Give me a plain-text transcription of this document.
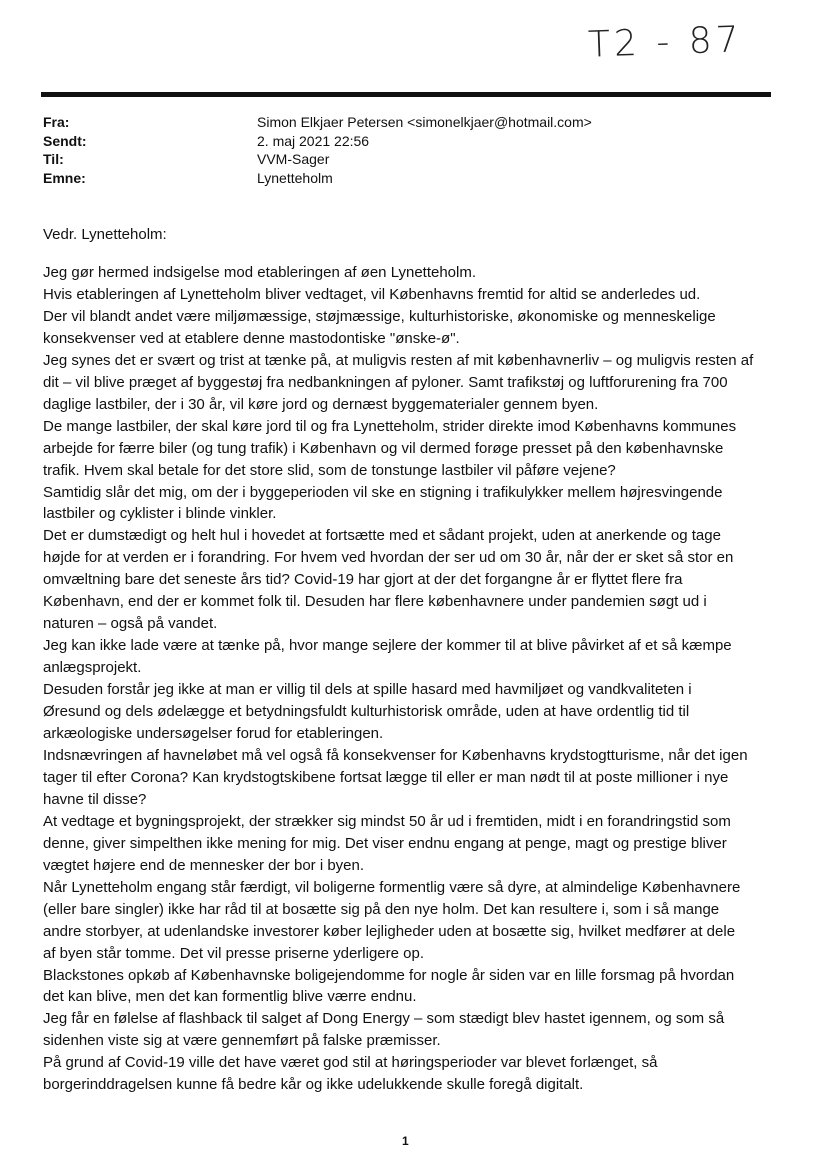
T2 - 87
Fra:	Simon Elkjaer Petersen <simonelkjaer@hotmail.com>
Sendt:	2. maj 2021 22:56
Til:	VVM-Sager
Emne:	Lynetteholm
Vedr. Lynetteholm:

Jeg gør hermed indsigelse mod etableringen af øen Lynetteholm.

Hvis etableringen af Lynetteholm bliver vedtaget, vil Københavns fremtid for altid se anderledes ud.

Der vil blandt andet være miljømæssige, støjmæssige, kulturhistoriske, økonomiske og menneskelige

konsekvenser ved at etablere denne mastodontiske "ønske-ø".

Jeg synes det er svært og trist at tænke på, at muligvis resten af mit københavnerliv – og muligvis resten af

dit – vil blive præget af byggestøj fra nedbankningen af pyloner. Samt trafikstøj og luftforurening fra 700

daglige lastbiler, der i 30 år, vil køre jord og dernæst byggematerialer gennem byen.

De mange lastbiler, der skal køre jord til og fra Lynetteholm, strider direkte imod Københavns kommunes

arbejde for færre biler (og tung trafik) i København og vil dermed forøge presset på den københavnske

trafik. Hvem skal betale for det store slid, som de tonstunge lastbiler vil påføre vejene?

Samtidig slår det mig, om der i byggeperioden vil ske en stigning i trafikulykker mellem højresvingende

lastbiler og cyklister i blinde vinkler.

Det er dumstædigt og helt hul i hovedet at fortsætte med et sådant projekt, uden at anerkende og tage

højde for at verden er i forandring. For hvem ved hvordan der ser ud om 30 år, når der er sket så stor en

omvæltning bare det seneste års tid? Covid-19 har gjort at der det forgangne år er flyttet flere fra

København, end der er kommet folk til. Desuden har flere københavnere under pandemien søgt ud i

naturen – også på vandet.

Jeg kan ikke lade være at tænke på, hvor mange sejlere der kommer til at blive påvirket af et så kæmpe

anlægsprojekt.

Desuden forstår jeg ikke at man er villig til dels at spille hasard med havmiljøet og vandkvaliteten i

Øresund og dels ødelægge et betydningsfuldt kulturhistorisk område, uden at have ordentlig tid til

arkæologiske undersøgelser forud for etableringen.

Indsnævringen af havneløbet må vel også få konsekvenser for Københavns krydstogtturisme, når det igen

tager til efter Corona? Kan krydstogtskibene fortsat lægge til eller er man nødt til at poste millioner i nye

havne til disse?

At vedtage et bygningsprojekt, der strækker sig mindst 50 år ud i fremtiden, midt i en forandringstid som

denne, giver simpelthen ikke mening for mig. Det viser endnu engang at penge, magt og prestige bliver

vægtet højere end de mennesker der bor i byen.

Når Lynetteholm engang står færdigt, vil boligerne formentlig være så dyre, at almindelige Københavnere

(eller bare singler) ikke har råd til at bosætte sig på den nye holm. Det kan resultere i, som i så mange

andre storbyer, at udenlandske investorer køber lejligheder uden at bosætte sig, hvilket medfører at dele

af byen står tomme. Det vil presse priserne yderligere op.

Blackstones opkøb af Københavnske boligejendomme for nogle år siden var en lille forsmag på hvordan

det kan blive, men det kan formentlig blive værre endnu.

Jeg får en følelse af flashback til salget af Dong Energy – som stædigt blev hastet igennem, og som så

sidenhen viste sig at være gennemført på falske præmisser.

På grund af Covid-19 ville det have været god stil at høringsperioder var blevet forlænget, så

borgerinddragelsen kunne få bedre kår og ikke udelukkende skulle foregå digitalt.

1
